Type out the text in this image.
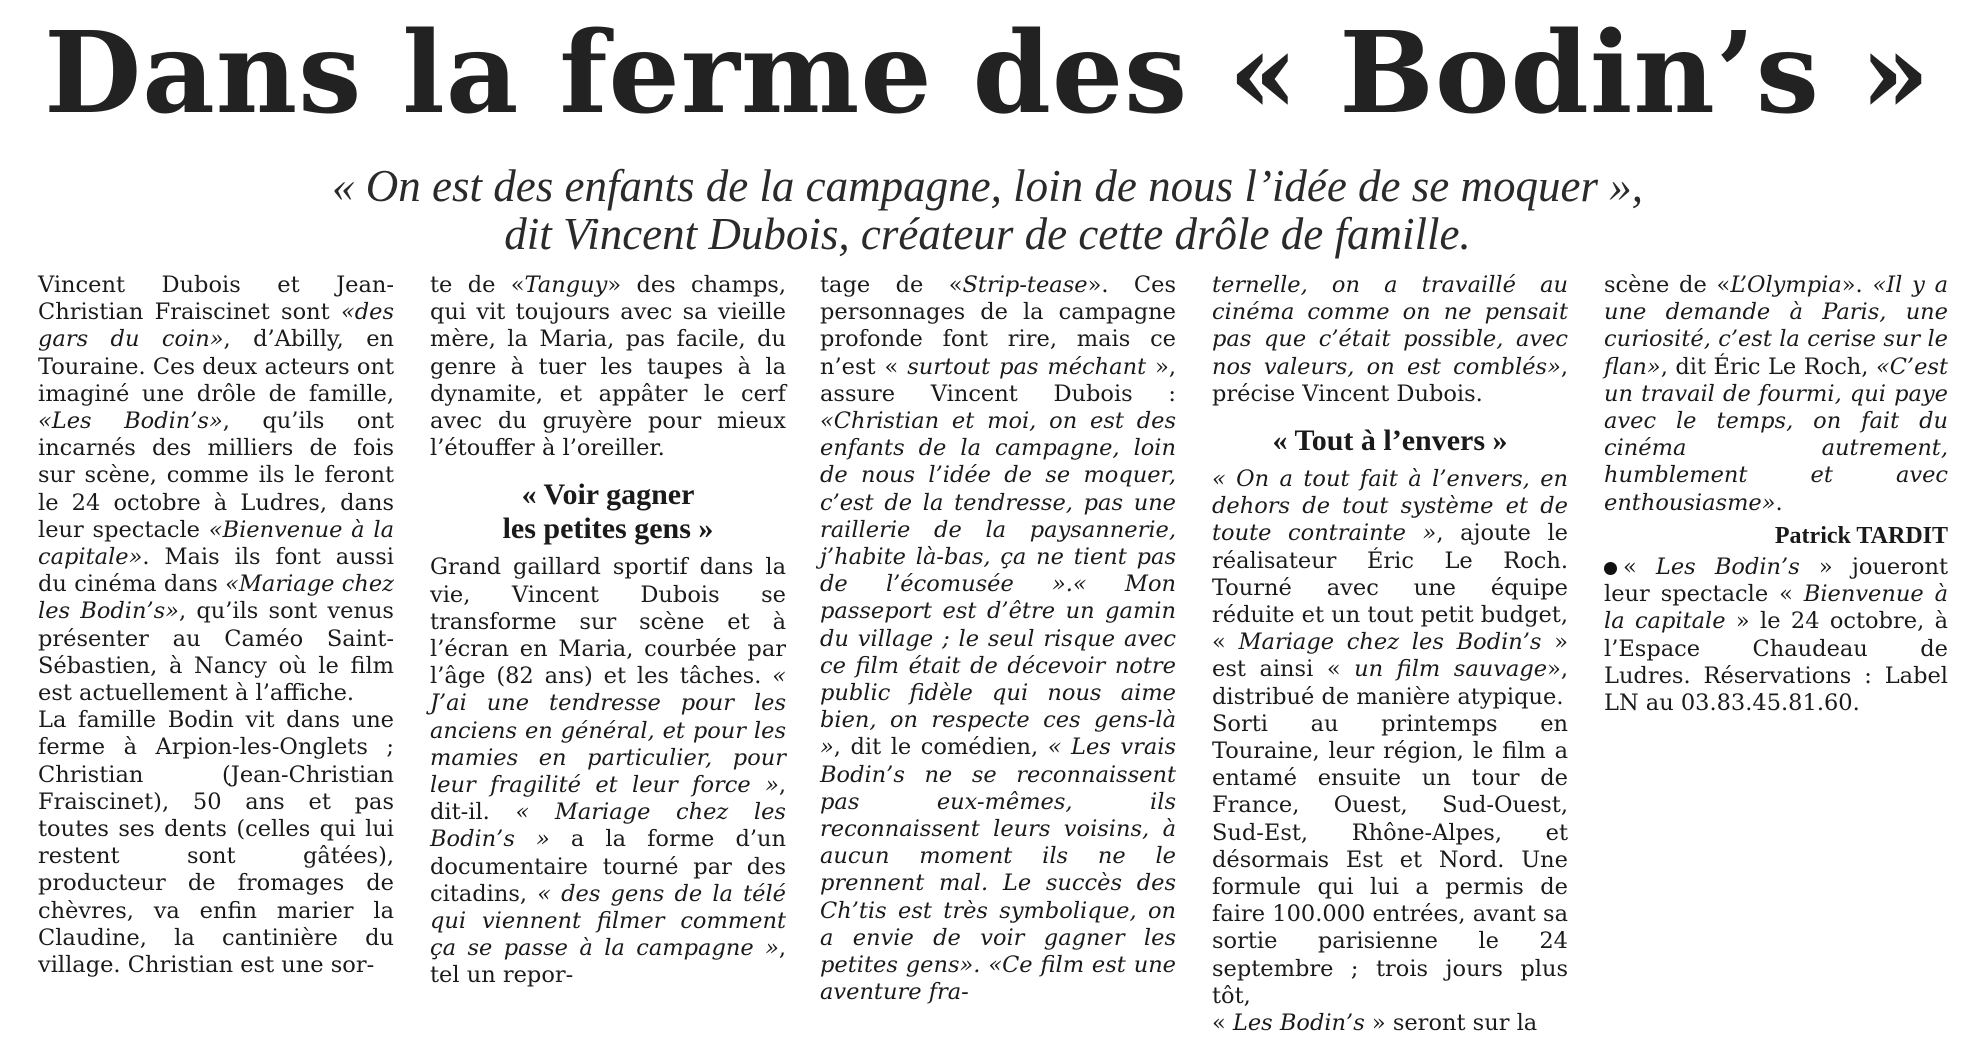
Dans la ferme des « Bodin’s »
« On est des enfants de la campagne, loin de nous l’idée de se moquer »,
dit Vincent Dubois, créateur de cette drôle de famille.

Vincent Dubois et Jean-Christian Fraiscinet sont «des gars du coin», d’Abilly, en Touraine. Ces deux acteurs ont imaginé une drôle de famille, «Les Bodin’s», qu’ils ont incarnés des milliers de fois sur scène, comme ils le feront le 24 octobre à Ludres, dans leur spectacle «Bienvenue à la capitale». Mais ils font aussi du cinéma dans «Mariage chez les Bodin’s», qu’ils sont venus présenter au Caméo Saint-Sébastien, à Nancy où le film est actuellement à l’affiche.

La famille Bodin vit dans une ferme à Arpion-les-Onglets ; Christian (Jean-Christian Fraiscinet), 50 ans et pas toutes ses dents (celles qui lui restent sont gâtées), producteur de fromages de chèvres, va enfin marier la Claudine, la cantinière du village. Christian est une sor-

te de «Tanguy» des champs, qui vit toujours avec sa vieille mère, la Maria, pas facile, du genre à tuer les taupes à la dynamite, et appâter le cerf avec du gruyère pour mieux l’étouffer à l’oreiller.

« Voir gagner
les petites gens »

Grand gaillard sportif dans la vie, Vincent Dubois se transforme sur scène et à l’écran en Maria, courbée par l’âge (82 ans) et les tâches. « J’ai une tendresse pour les anciens en général, et pour les mamies en particulier, pour leur fragilité et leur force », dit-il. « Mariage chez les Bodin’s » a la forme d’un documentaire tourné par des citadins, « des gens de la télé qui viennent filmer comment ça se passe à la campagne », tel un repor-

tage de «Strip-tease». Ces personnages de la campagne profonde font rire, mais ce n’est « surtout pas méchant », assure Vincent Dubois : «Christian et moi, on est des enfants de la campagne, loin de nous l’idée de se moquer, c’est de la tendresse, pas une raillerie de la paysannerie, j’habite là-bas, ça ne tient pas de l’écomusée ».« Mon passeport est d’être un gamin du village ; le seul risque avec ce film était de décevoir notre public fidèle qui nous aime bien, on respecte ces gens-là », dit le comédien, « Les vrais Bodin’s ne se reconnaissent pas eux-mêmes, ils reconnaissent leurs voisins, à aucun moment ils ne le prennent mal. Le succès des Ch’tis est très symbolique, on a envie de voir gagner les petites gens». «Ce film est une aventure fra-

ternelle, on a travaillé au cinéma comme on ne pensait pas que c’était possible, avec nos valeurs, on est comblés», précise Vincent Dubois.

« Tout à l’envers »

« On a tout fait à l’envers, en dehors de tout système et de toute contrainte », ajoute le réalisateur Éric Le Roch. Tourné avec une équipe réduite et un tout petit budget, « Mariage chez les Bodin’s » est ainsi « un film sauvage», distribué de manière atypique.

Sorti au printemps en Touraine, leur région, le film a entamé ensuite un tour de France, Ouest, Sud-Ouest, Sud-Est, Rhône-Alpes, et désormais Est et Nord. Une formule qui lui a permis de faire 100.000 entrées, avant sa sortie parisienne le 24 septembre ; trois jours plus tôt,

« Les Bodin’s » seront sur la

scène de «L’Olympia». «Il y a une demande à Paris, une curiosité, c’est la cerise sur le flan», dit Éric Le Roch, «C’est un travail de fourmi, qui paye avec le temps, on fait du cinéma autrement, humblement et avec enthousiasme».

Patrick TARDIT

« Les Bodin’s » joueront leur spectacle « Bienvenue à la capitale » le 24 octobre, à l’Espace Chaudeau de Ludres. Réservations : Label LN au 03.83.45.81.60.
